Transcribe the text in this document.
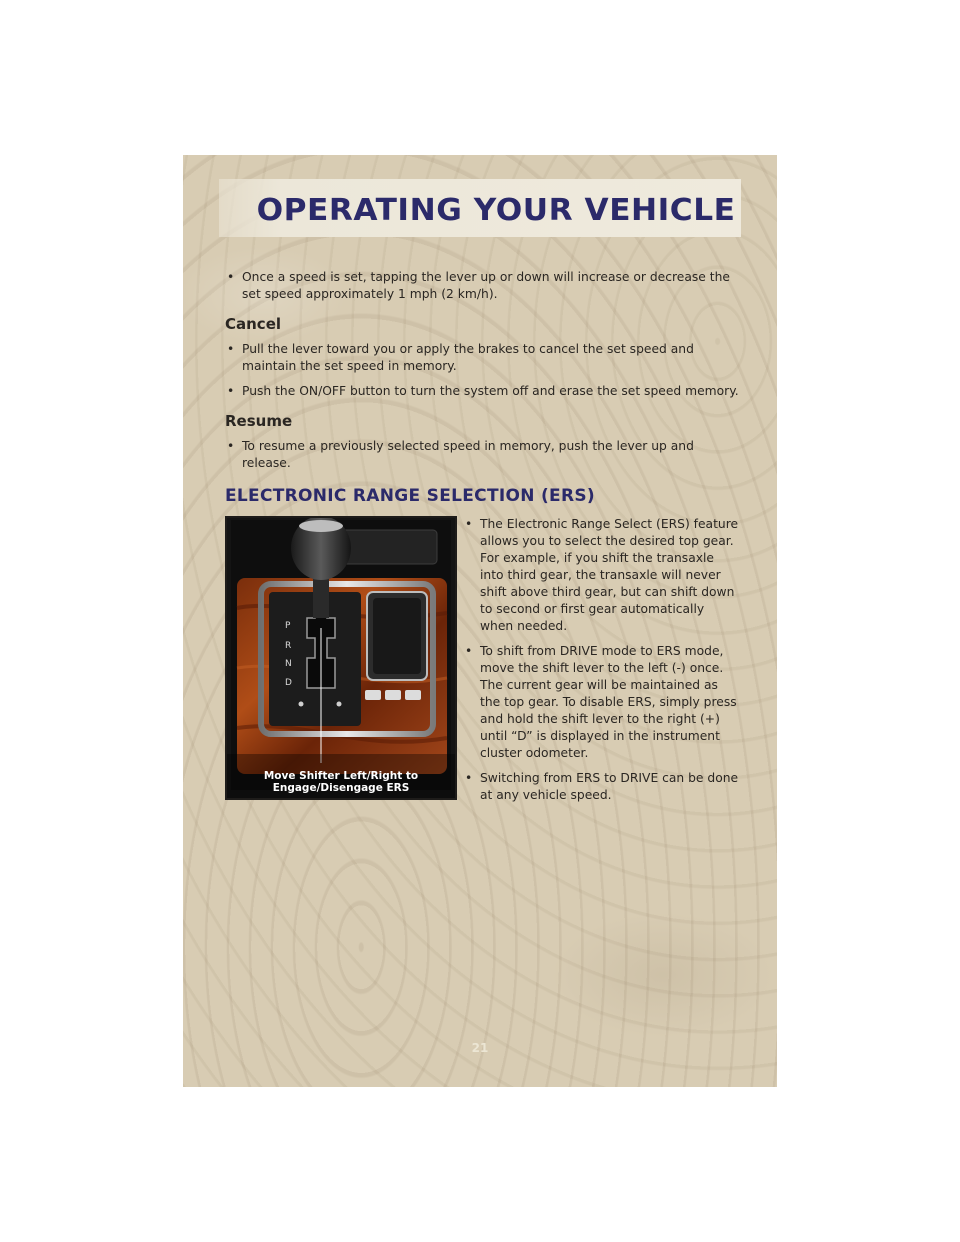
OPERATING YOUR VEHICLE
• Once a speed is set, tapping the lever up or down will increase or decrease the set speed approximately 1 mph (2 km/h).
Cancel
• Pull the lever toward you or apply the brakes to cancel the set speed and maintain the set speed in memory.
• Push the ON/OFF button to turn the system off and erase the set speed memory.
Resume
• To resume a previously selected speed in memory, push the lever up and release.
ELECTRONIC RANGE SELECTION (ERS)
P
R
N
D
Move Shifter Left/Right to
Engage/Disengage ERS
• The Electronic Range Select (ERS) feature allows you to select the desired top gear. For example, if you shift the transaxle into third gear, the transaxle will never shift above third gear, but can shift down to second or first gear automatically when needed.
• To shift from DRIVE mode to ERS mode, move the shift lever to the left (-) once. The current gear will be maintained as the top gear. To disable ERS, simply press and hold the shift lever to the right (+) until “D” is displayed in the instrument cluster odometer.
• Switching from ERS to DRIVE can be done at any vehicle speed.
21
